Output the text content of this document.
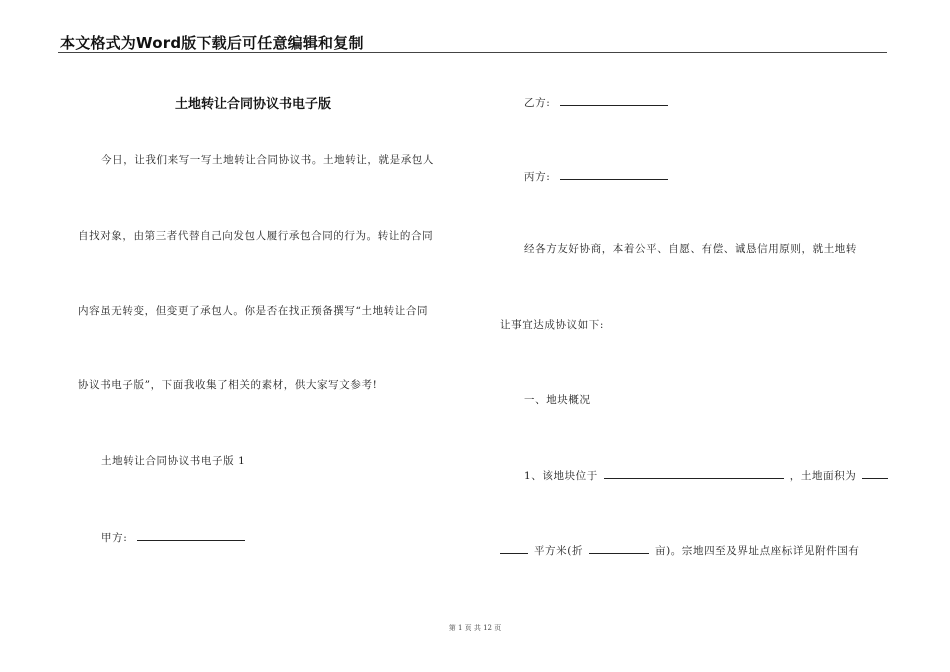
本文格式为Word版下载后可任意编辑和复制
土地转让合同协议书电子版
今日，让我们来写一写土地转让合同协议书。土地转让，就是承包人
自找对象，由第三者代替自己向发包人履行承包合同的行为。转让的合同
内容虽无转变，但变更了承包人。你是否在找正预备撰写“土地转让合同
协议书电子版”，下面我收集了相关的素材，供大家写文参考!
土地转让合同协议书电子版 1
甲方:
乙方:
丙方:
经各方友好协商，本着公平、自愿、有偿、诚恳信用原则，就土地转
让事宜达成协议如下:
一、地块概况
1、该地块位于	，土地面积为
平方米(折	亩)。宗地四至及界址点座标详见附件国有
第 1 页 共 12 页
